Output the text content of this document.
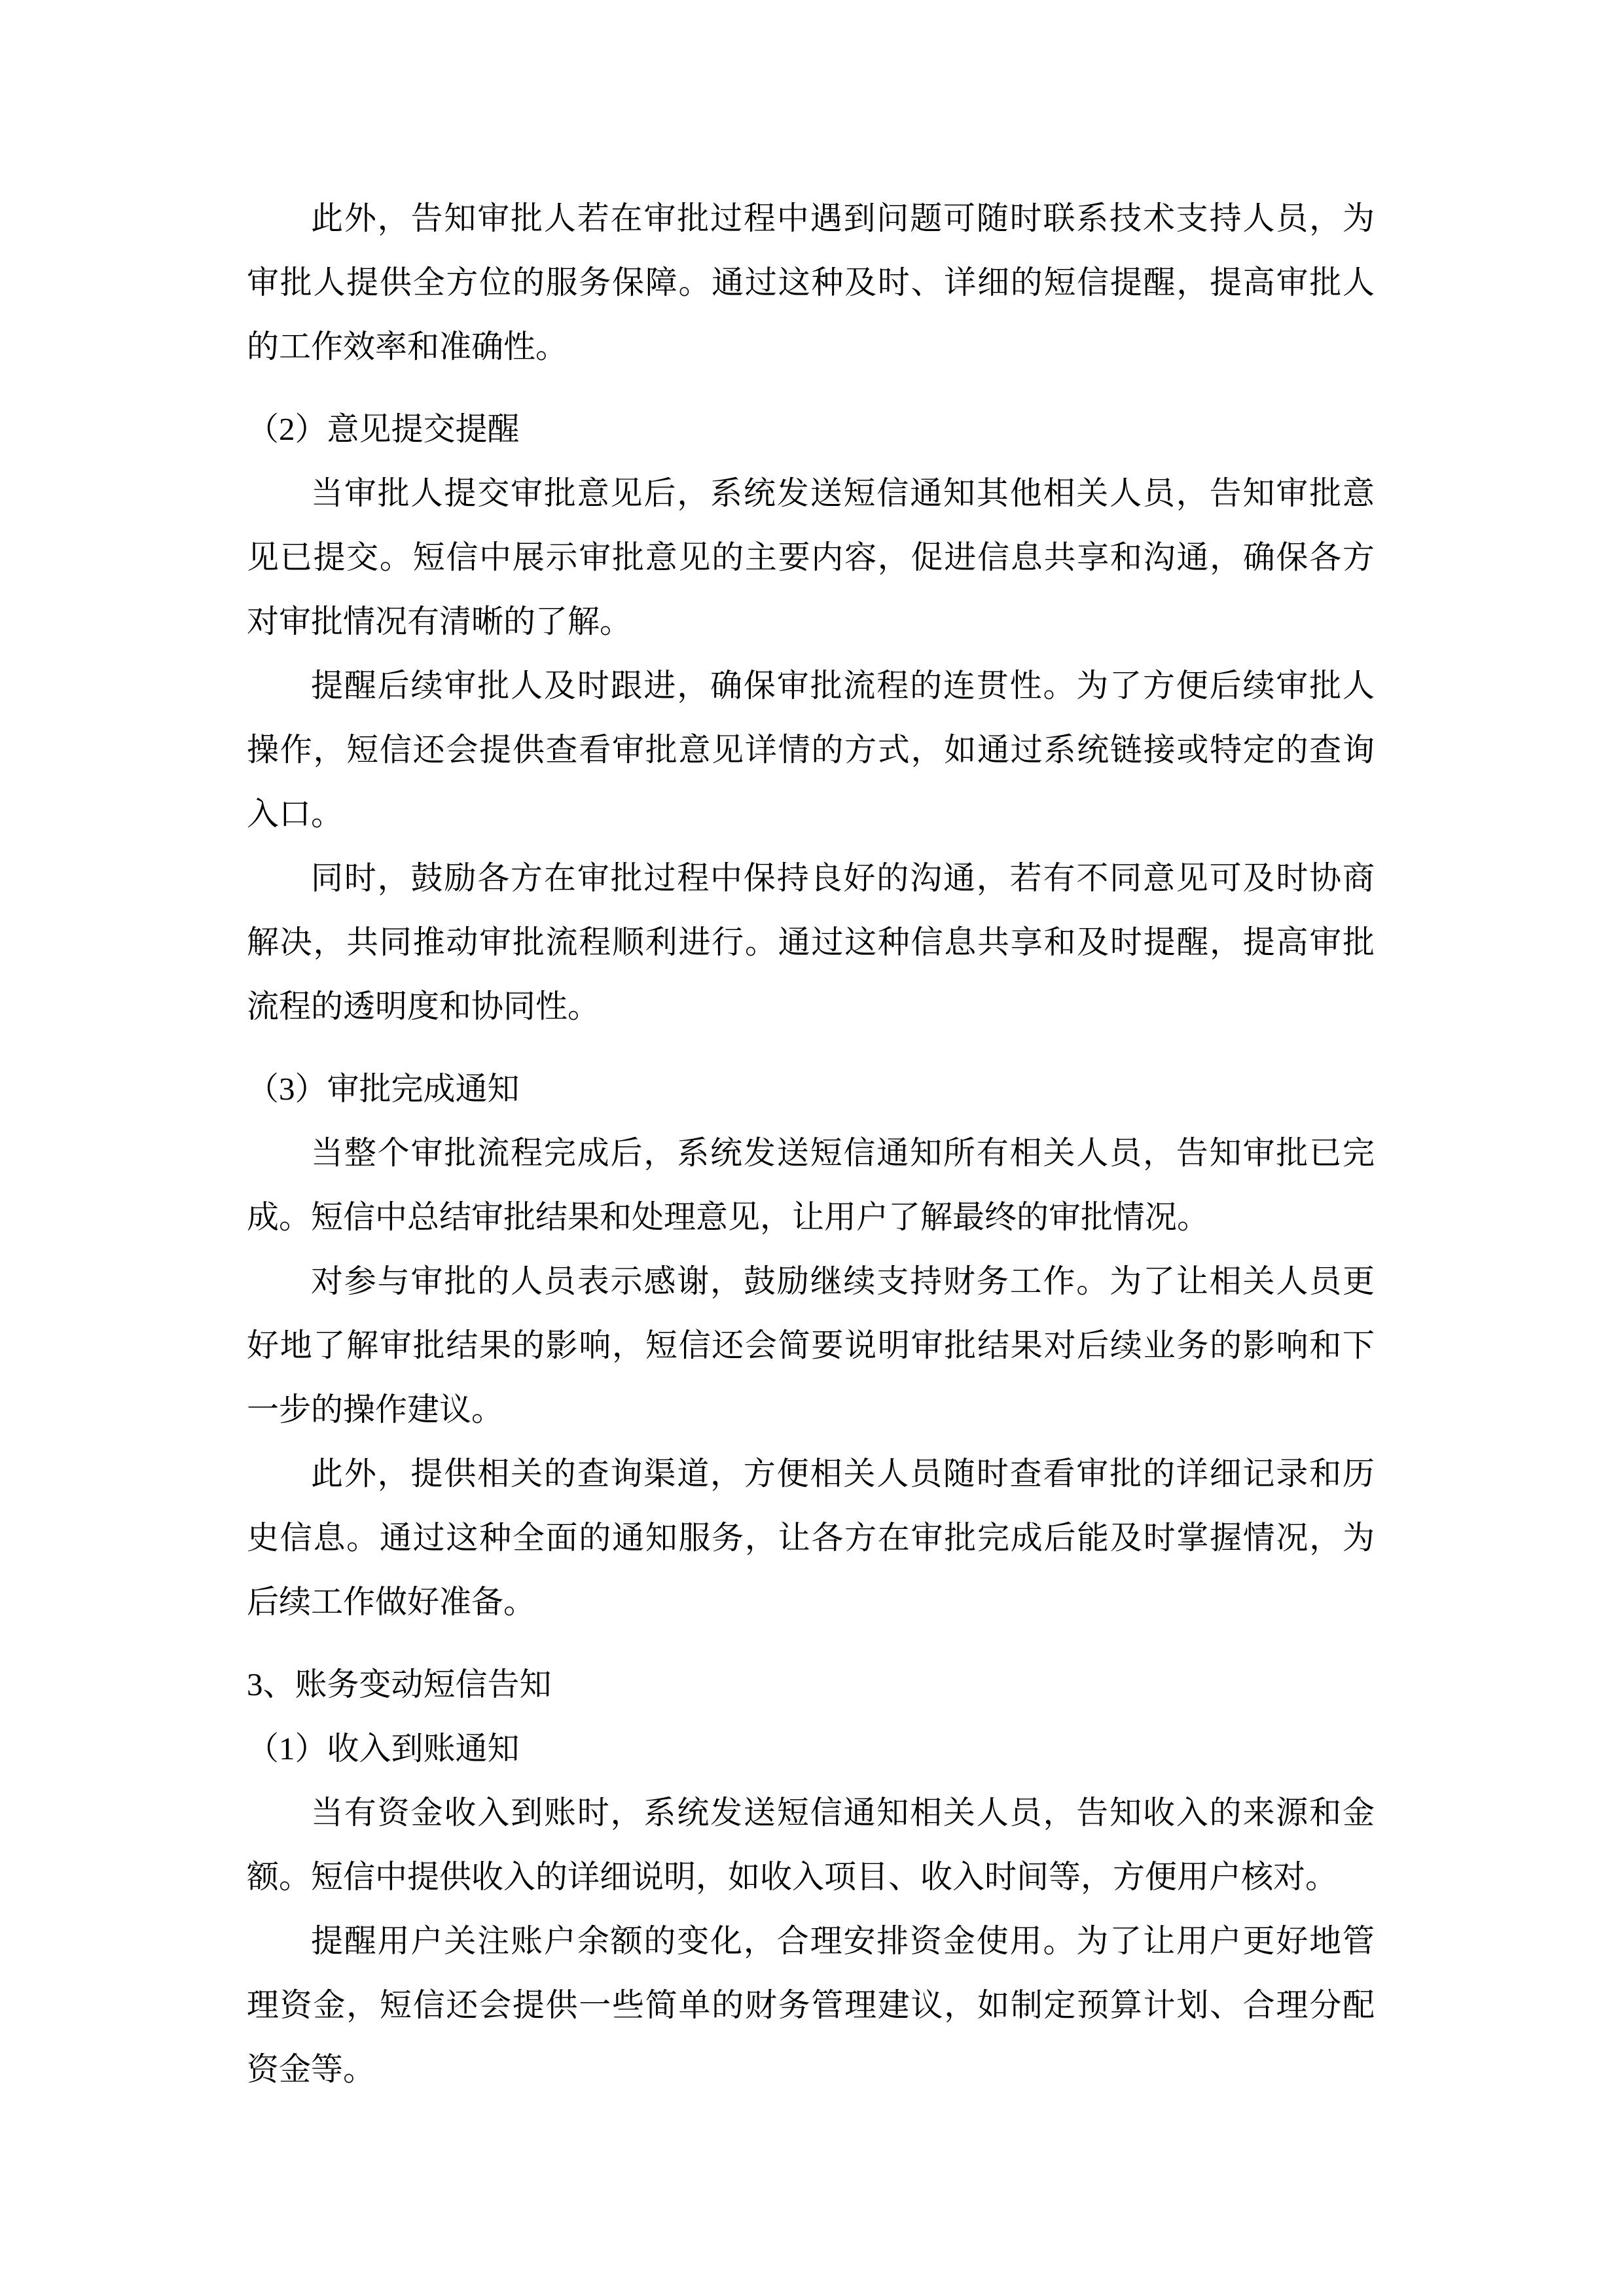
此外，告知审批人若在审批过程中遇到问题可随时联系技术支持人员，为
审批人提供全方位的服务保障。通过这种及时、详细的短信提醒，提高审批人
的工作效率和准确性。
（2）意见提交提醒
当审批人提交审批意见后，系统发送短信通知其他相关人员，告知审批意
见已提交。短信中展示审批意见的主要内容，促进信息共享和沟通，确保各方
对审批情况有清晰的了解。
提醒后续审批人及时跟进，确保审批流程的连贯性。为了方便后续审批人
操作，短信还会提供查看审批意见详情的方式，如通过系统链接或特定的查询
入口。
同时，鼓励各方在审批过程中保持良好的沟通，若有不同意见可及时协商
解决，共同推动审批流程顺利进行。通过这种信息共享和及时提醒，提高审批
流程的透明度和协同性。
（3）审批完成通知
当整个审批流程完成后，系统发送短信通知所有相关人员，告知审批已完
成。短信中总结审批结果和处理意见，让用户了解最终的审批情况。
对参与审批的人员表示感谢，鼓励继续支持财务工作。为了让相关人员更
好地了解审批结果的影响，短信还会简要说明审批结果对后续业务的影响和下
一步的操作建议。
此外，提供相关的查询渠道，方便相关人员随时查看审批的详细记录和历
史信息。通过这种全面的通知服务，让各方在审批完成后能及时掌握情况，为
后续工作做好准备。
3、账务变动短信告知
（1）收入到账通知
当有资金收入到账时，系统发送短信通知相关人员，告知收入的来源和金
额。短信中提供收入的详细说明，如收入项目、收入时间等，方便用户核对。
提醒用户关注账户余额的变化，合理安排资金使用。为了让用户更好地管
理资金，短信还会提供一些简单的财务管理建议，如制定预算计划、合理分配
资金等。
